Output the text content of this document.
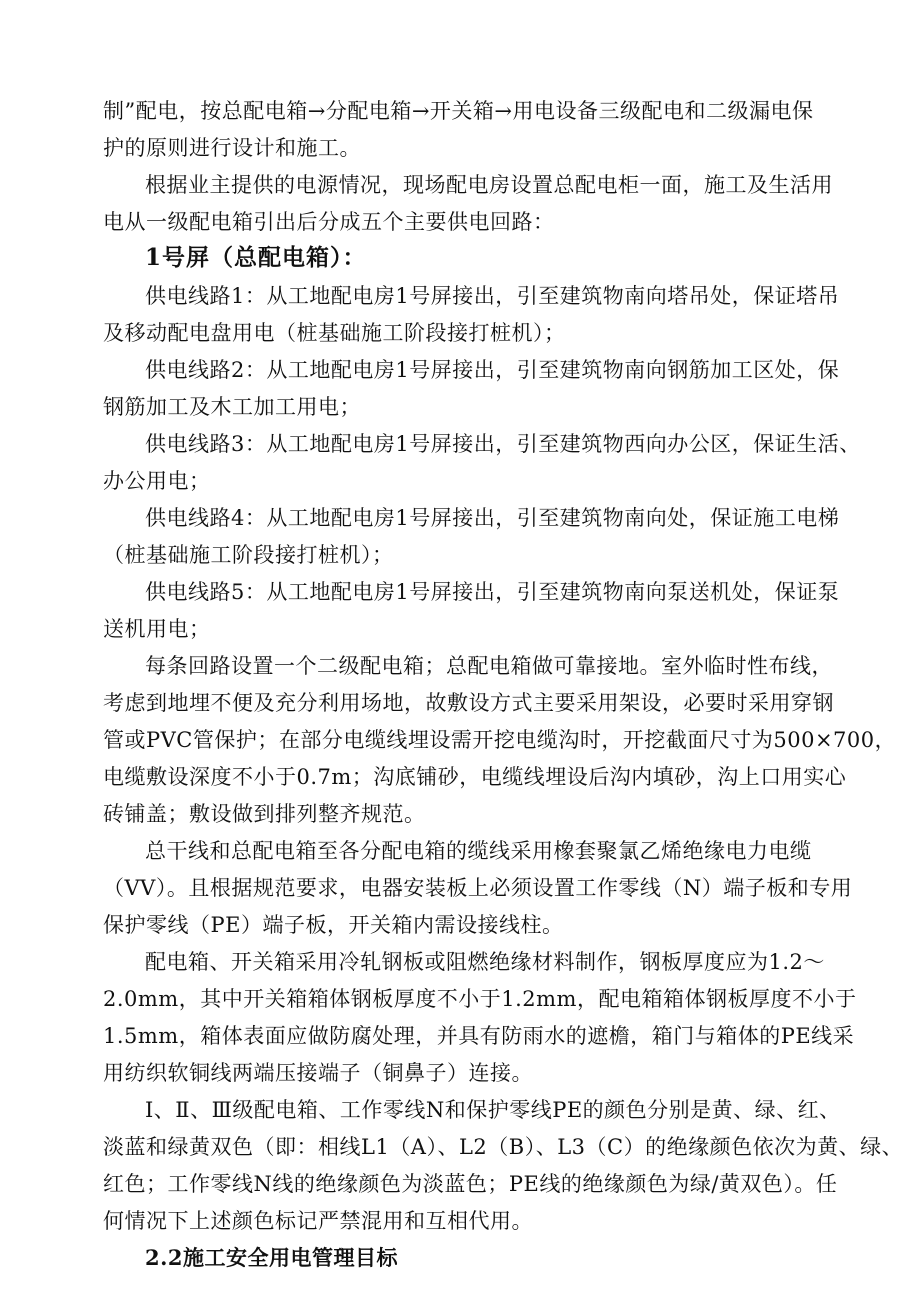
制”配电，按总配电箱→分配电箱→开关箱→用电设备三级配电和二级漏电保
护的原则进行设计和施工。
根据业主提供的电源情况，现场配电房设置总配电柜一面，施工及生活用
电从一级配电箱引出后分成五个主要供电回路：
1号屏（总配电箱）：
供电线路1：从工地配电房1号屏接出，引至建筑物南向塔吊处，保证塔吊
及移动配电盘用电（桩基础施工阶段接打桩机）；
供电线路2：从工地配电房1号屏接出，引至建筑物南向钢筋加工区处，保
钢筋加工及木工加工用电；
供电线路3：从工地配电房1号屏接出，引至建筑物西向办公区，保证生活、
办公用电；
供电线路4：从工地配电房1号屏接出，引至建筑物南向处，保证施工电梯
（桩基础施工阶段接打桩机）；
供电线路5：从工地配电房1号屏接出，引至建筑物南向泵送机处，保证泵
送机用电；
每条回路设置一个二级配电箱；总配电箱做可靠接地。室外临时性布线，
考虑到地埋不便及充分利用场地，故敷设方式主要采用架设，必要时采用穿钢
管或PVC管保护；在部分电缆线埋设需开挖电缆沟时，开挖截面尺寸为500×700，
电缆敷设深度不小于0.7m；沟底铺砂，电缆线埋设后沟内填砂，沟上口用实心
砖铺盖；敷设做到排列整齐规范。
总干线和总配电箱至各分配电箱的缆线采用橡套聚氯乙烯绝缘电力电缆
（VV）。且根据规范要求，电器安装板上必须设置工作零线（N）端子板和专用
保护零线（PE）端子板，开关箱内需设接线柱。
配电箱、开关箱采用冷轧钢板或阻燃绝缘材料制作，钢板厚度应为1.2～
2.0mm，其中开关箱箱体钢板厚度不小于1.2mm，配电箱箱体钢板厚度不小于
1.5mm，箱体表面应做防腐处理，并具有防雨水的遮檐，箱门与箱体的PE线采
用纺织软铜线两端压接端子（铜鼻子）连接。
Ⅰ、Ⅱ、Ⅲ级配电箱、工作零线N和保护零线PE的颜色分别是黄、绿、红、
淡蓝和绿黄双色（即：相线L1（A）、L2（B）、L3（C）的绝缘颜色依次为黄、绿、
红色；工作零线N线的绝缘颜色为淡蓝色；PE线的绝缘颜色为绿/黄双色）。任
何情况下上述颜色标记严禁混用和互相代用。
2.2施工安全用电管理目标
